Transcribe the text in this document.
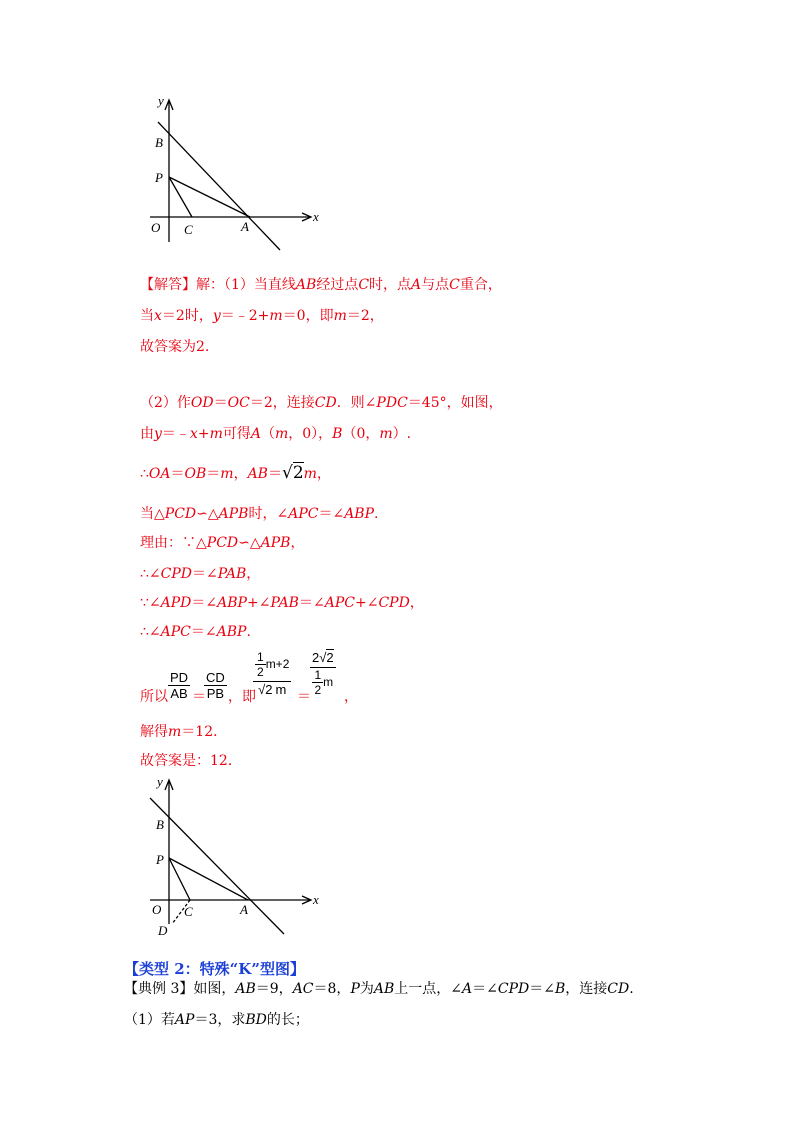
y
x
B
P
O C	A
【解答】解：（1）当直线AB经过点C时，点A与点C重合，
当x＝2时，y＝﹣2+m＝0，即m＝2，
故答案为2.
（2）作OD＝OC＝2，连接CD．则∠PDC＝45°，如图，
由y＝﹣x+m可得A（m，0），B（0，m）.
∴OA＝OB＝m，AB＝√2m，
当△PCD∽△APB时，∠APC＝∠ABP.
理由：∵△PCD∽△APB，
∴∠CPD＝∠PAB，
∵∠APD＝∠ABP+∠PAB＝∠APC+∠CPD，
∴∠APC＝∠ABP.
所以 $\frac{PD}{AB}$ ＝
$\frac{CD}{PB}$ ，即
$\frac{\frac{1}{2} m+2}{√2 m} = \frac{2√2}{\frac{1}{2} m}$ ，
解得m＝12．
故答案是：12．
y
x
B
P
O C	A
D
【类型 2：特殊“K”型图】
【典例 3】如图，AB＝9，AC＝8，P为AB上一点，∠A＝∠CPD＝∠B，连接CD.
（1）若AP＝3，求BD的长；
